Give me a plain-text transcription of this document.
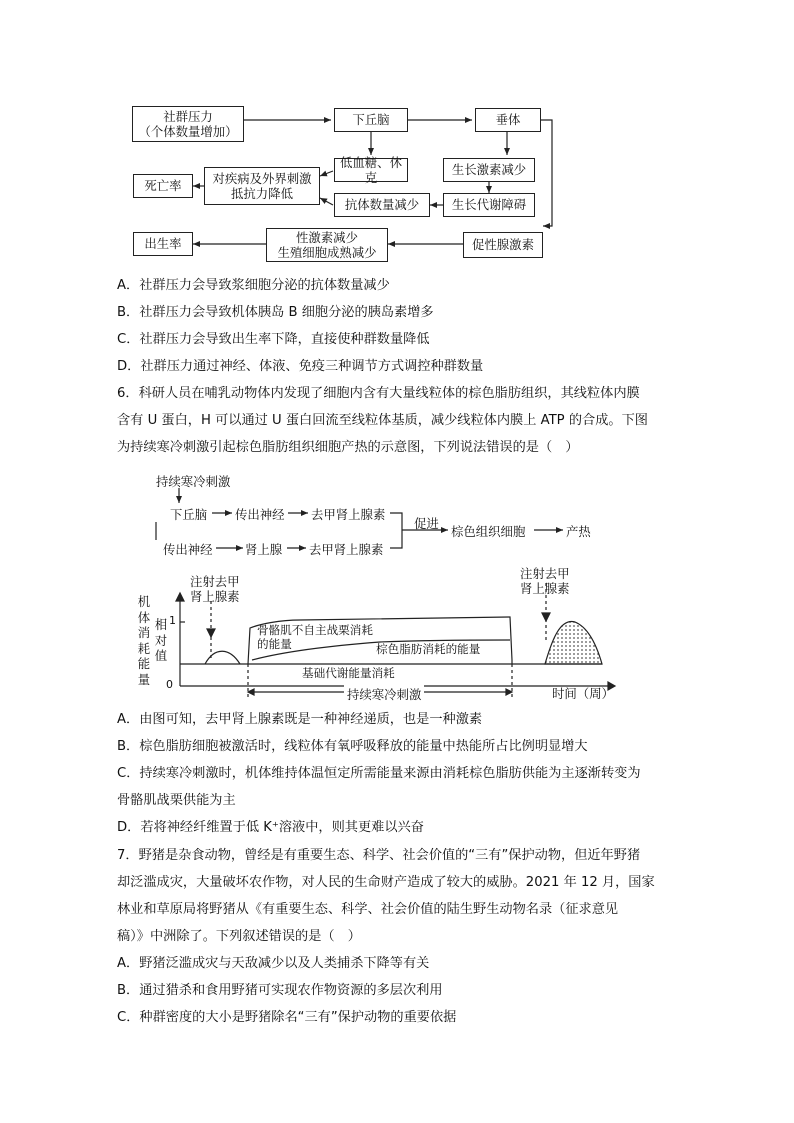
社群压力
（个体数量增加）
下丘脑	垂体
低血糖、休克
生长激素减少
对疾病及外界刺激
抵抗力降低
死亡率
抗体数量减少	生长代谢障碍
出生率	性激素减少
生殖细胞成熟减少
促性腺激素
A．社群压力会导致浆细胞分泌的抗体数量减少
B．社群压力会导致机体胰岛 B 细胞分泌的胰岛素增多
C．社群压力会导致出生率下降，直接使种群数量降低
D．社群压力通过神经、体液、免疫三种调节方式调控种群数量
6．科研人员在哺乳动物体内发现了细胞内含有大量线粒体的棕色脂肪组织，其线粒体内膜
含有 U 蛋白，H 可以通过 U 蛋白回流至线粒体基质，减少线粒体内膜上 ATP 的合成。下图
为持续寒冷刺激引起棕色脂肪组织细胞产热的示意图，下列说法错误的是（　）
持续寒冷刺激
下丘脑 传出神经 去甲肾上腺素
传出神经	肾上腺 去甲肾上腺素
促进
棕色组织细胞	产热
机
体
消
耗
能
量
相
对
值
1
0
注射去甲
肾上腺素
注射去甲
肾上腺素
骨骼肌不自主战栗消耗
的能量	棕色脂肪消耗的能量
基础代谢能量消耗
持续寒冷刺激	时间（周）
A．由图可知，去甲肾上腺素既是一种神经递质，也是一种激素
B．棕色脂肪细胞被激活时，线粒体有氧呼吸释放的能量中热能所占比例明显增大
C．持续寒冷刺激时，机体维持体温恒定所需能量来源由消耗棕色脂肪供能为主逐渐转变为
骨骼肌战栗供能为主
D．若将神经纤维置于低 K⁺溶液中，则其更难以兴奋
7．野猪是杂食动物，曾经是有重要生态、科学、社会价值的“三有”保护动物，但近年野猪
却泛滥成灾，大量破坏农作物，对人民的生命财产造成了较大的威胁。2021 年 12 月，国家
林业和草原局将野猪从《有重要生态、科学、社会价值的陆生野生动物名录（征求意见
稿）》中洲除了。下列叙述错误的是（　）
A．野猪泛滥成灾与天敌减少以及人类捕杀下降等有关
B．通过猎杀和食用野猪可实现农作物资源的多层次利用
C．种群密度的大小是野猪除名“三有”保护动物的重要依据
